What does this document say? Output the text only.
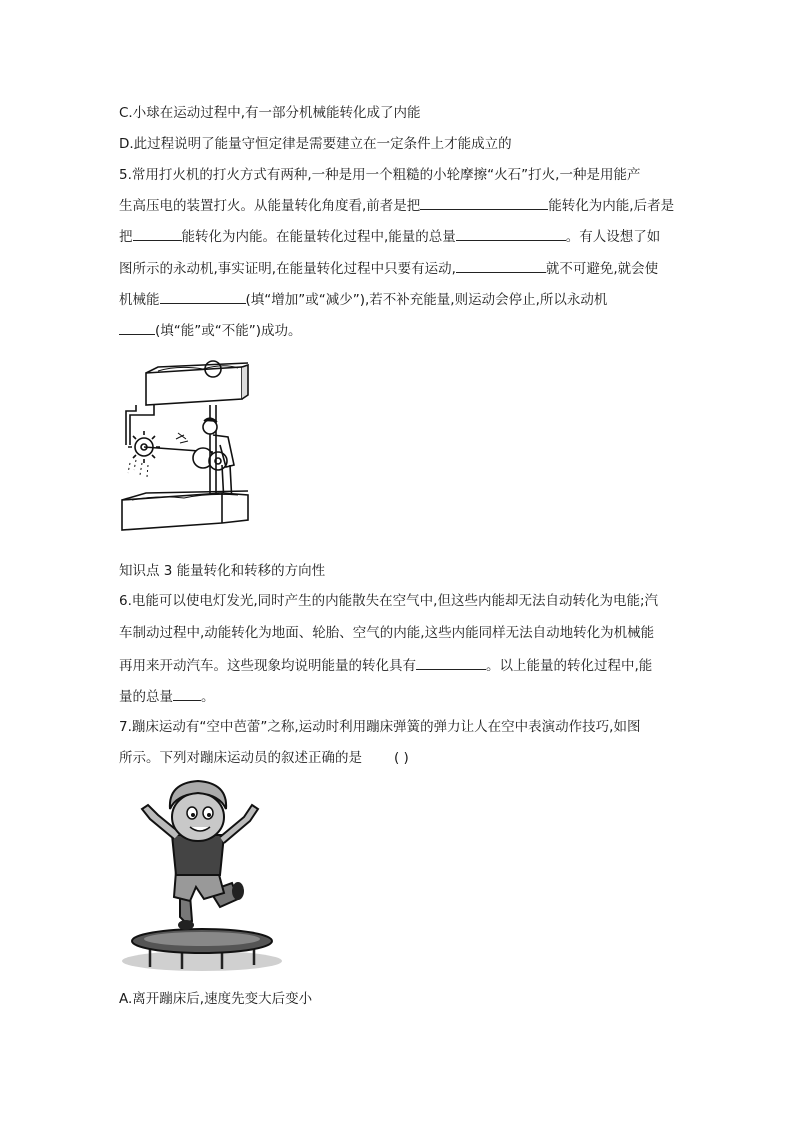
C.小球在运动过程中,有一部分机械能转化成了内能
D.此过程说明了能量守恒定律是需要建立在一定条件上才能成立的
5.常用打火机的打火方式有两种,一种是用一个粗糙的小轮摩擦“火石”打火,一种是用能产
生高压电的装置打火。从能量转化角度看,前者是把	能转化为内能,后者是
把	能转化为内能。在能量转化过程中,能量的总量	。有人设想了如
图所示的永动机,事实证明,在能量转化过程中只要有运动,	就不可避免,就会使
机械能	(填“增加”或“减少”),若不补充能量,则运动会停止,所以永动机
(填“能”或“不能”)成功。
知识点 3 能量转化和转移的方向性
6.电能可以使电灯发光,同时产生的内能散失在空气中,但这些内能却无法自动转化为电能;汽
车制动过程中,动能转化为地面、轮胎、空气的内能,这些内能同样无法自动地转化为机械能
再用来开动汽车。这些现象均说明能量的转化具有	。以上能量的转化过程中,能
量的总量 。
7.蹦床运动有“空中芭蕾”之称,运动时利用蹦床弹簧的弹力让人在空中表演动作技巧,如图
所示。下列对蹦床运动员的叙述正确的是 ( )
A.离开蹦床后,速度先变大后变小
